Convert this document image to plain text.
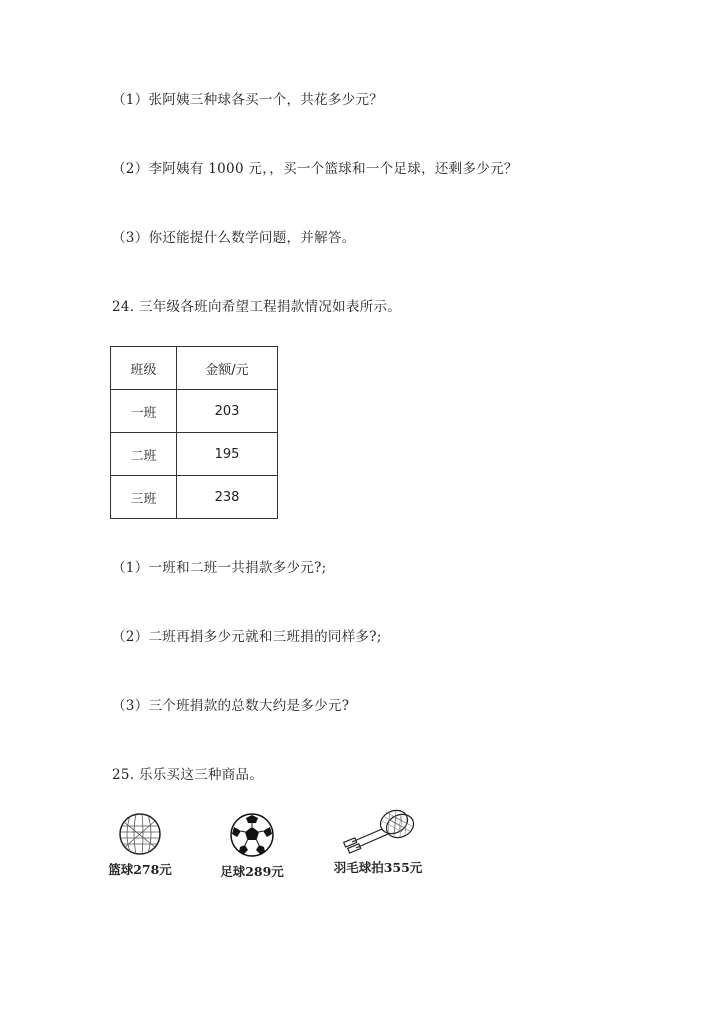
（1）张阿姨三种球各买一个，共花多少元？
（2）李阿姨有 1000 元，，买一个篮球和一个足球，还剩多少元？
（3）你还能提什么数学问题，并解答。
24. 三年级各班向希望工程捐款情况如表所示。
班级	金额/元
一班	203
二班	195
三班	238
（1）一班和二班一共捐款多少元?;
（2）二班再捐多少元就和三班捐的同样多?;
（3）三个班捐款的总数大约是多少元?
25. 乐乐买这三种商品。
篮球278元	足球289元	羽毛球拍355元
